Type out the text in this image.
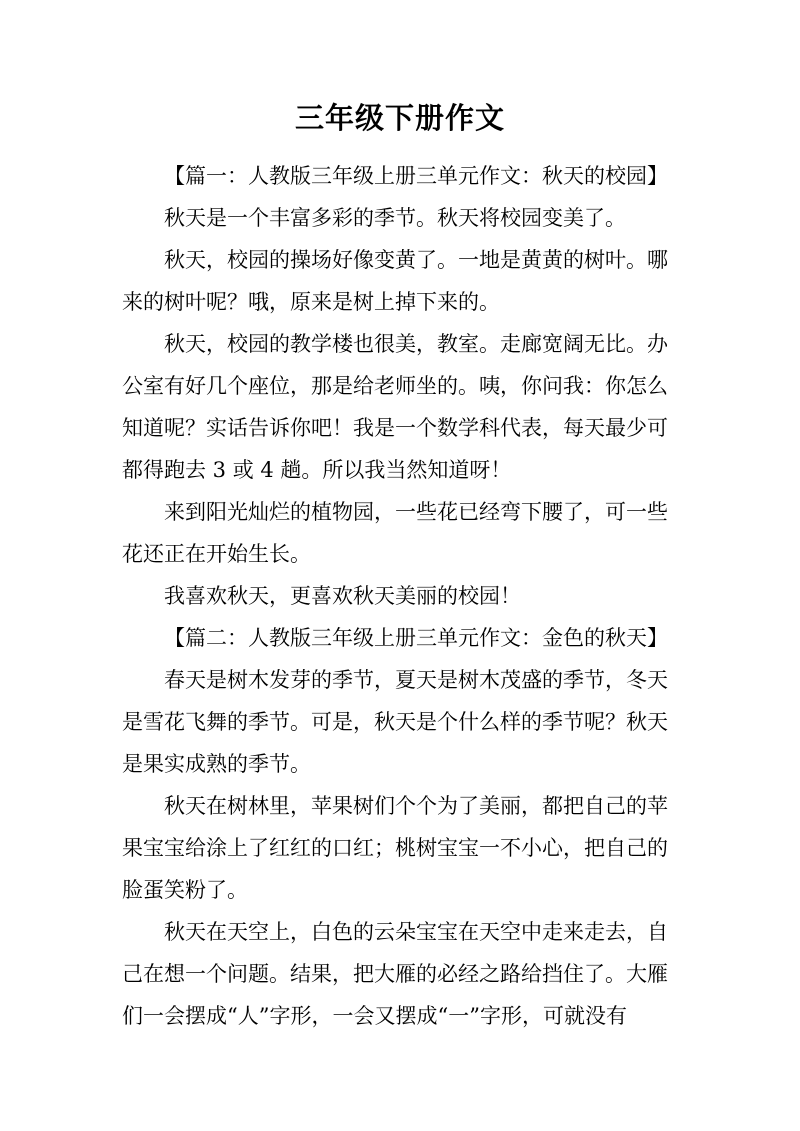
三年级下册作文

【篇一：人教版三年级上册三单元作文：秋天的校园】

秋天是一个丰富多彩的季节。秋天将校园变美了。

秋天，校园的操场好像变黄了。一地是黄黄的树叶。哪

来的树叶呢？哦，原来是树上掉下来的。

秋天，校园的教学楼也很美，教室。走廊宽阔无比。办

公室有好几个座位，那是给老师坐的。咦，你问我：你怎么

知道呢？实话告诉你吧！我是一个数学科代表，每天最少可

都得跑去 3 或 4 趟。所以我当然知道呀！

来到阳光灿烂的植物园，一些花已经弯下腰了，可一些

花还正在开始生长。

我喜欢秋天，更喜欢秋天美丽的校园！

【篇二：人教版三年级上册三单元作文：金色的秋天】

春天是树木发芽的季节，夏天是树木茂盛的季节，冬天

是雪花飞舞的季节。可是，秋天是个什么样的季节呢？秋天

是果实成熟的季节。

秋天在树林里，苹果树们个个为了美丽，都把自己的苹

果宝宝给涂上了红红的口红；桃树宝宝一不小心，把自己的

脸蛋笑粉了。

秋天在天空上，白色的云朵宝宝在天空中走来走去，自

己在想一个问题。结果，把大雁的必经之路给挡住了。大雁

们一会摆成“人”字形，一会又摆成“一”字形，可就没有
